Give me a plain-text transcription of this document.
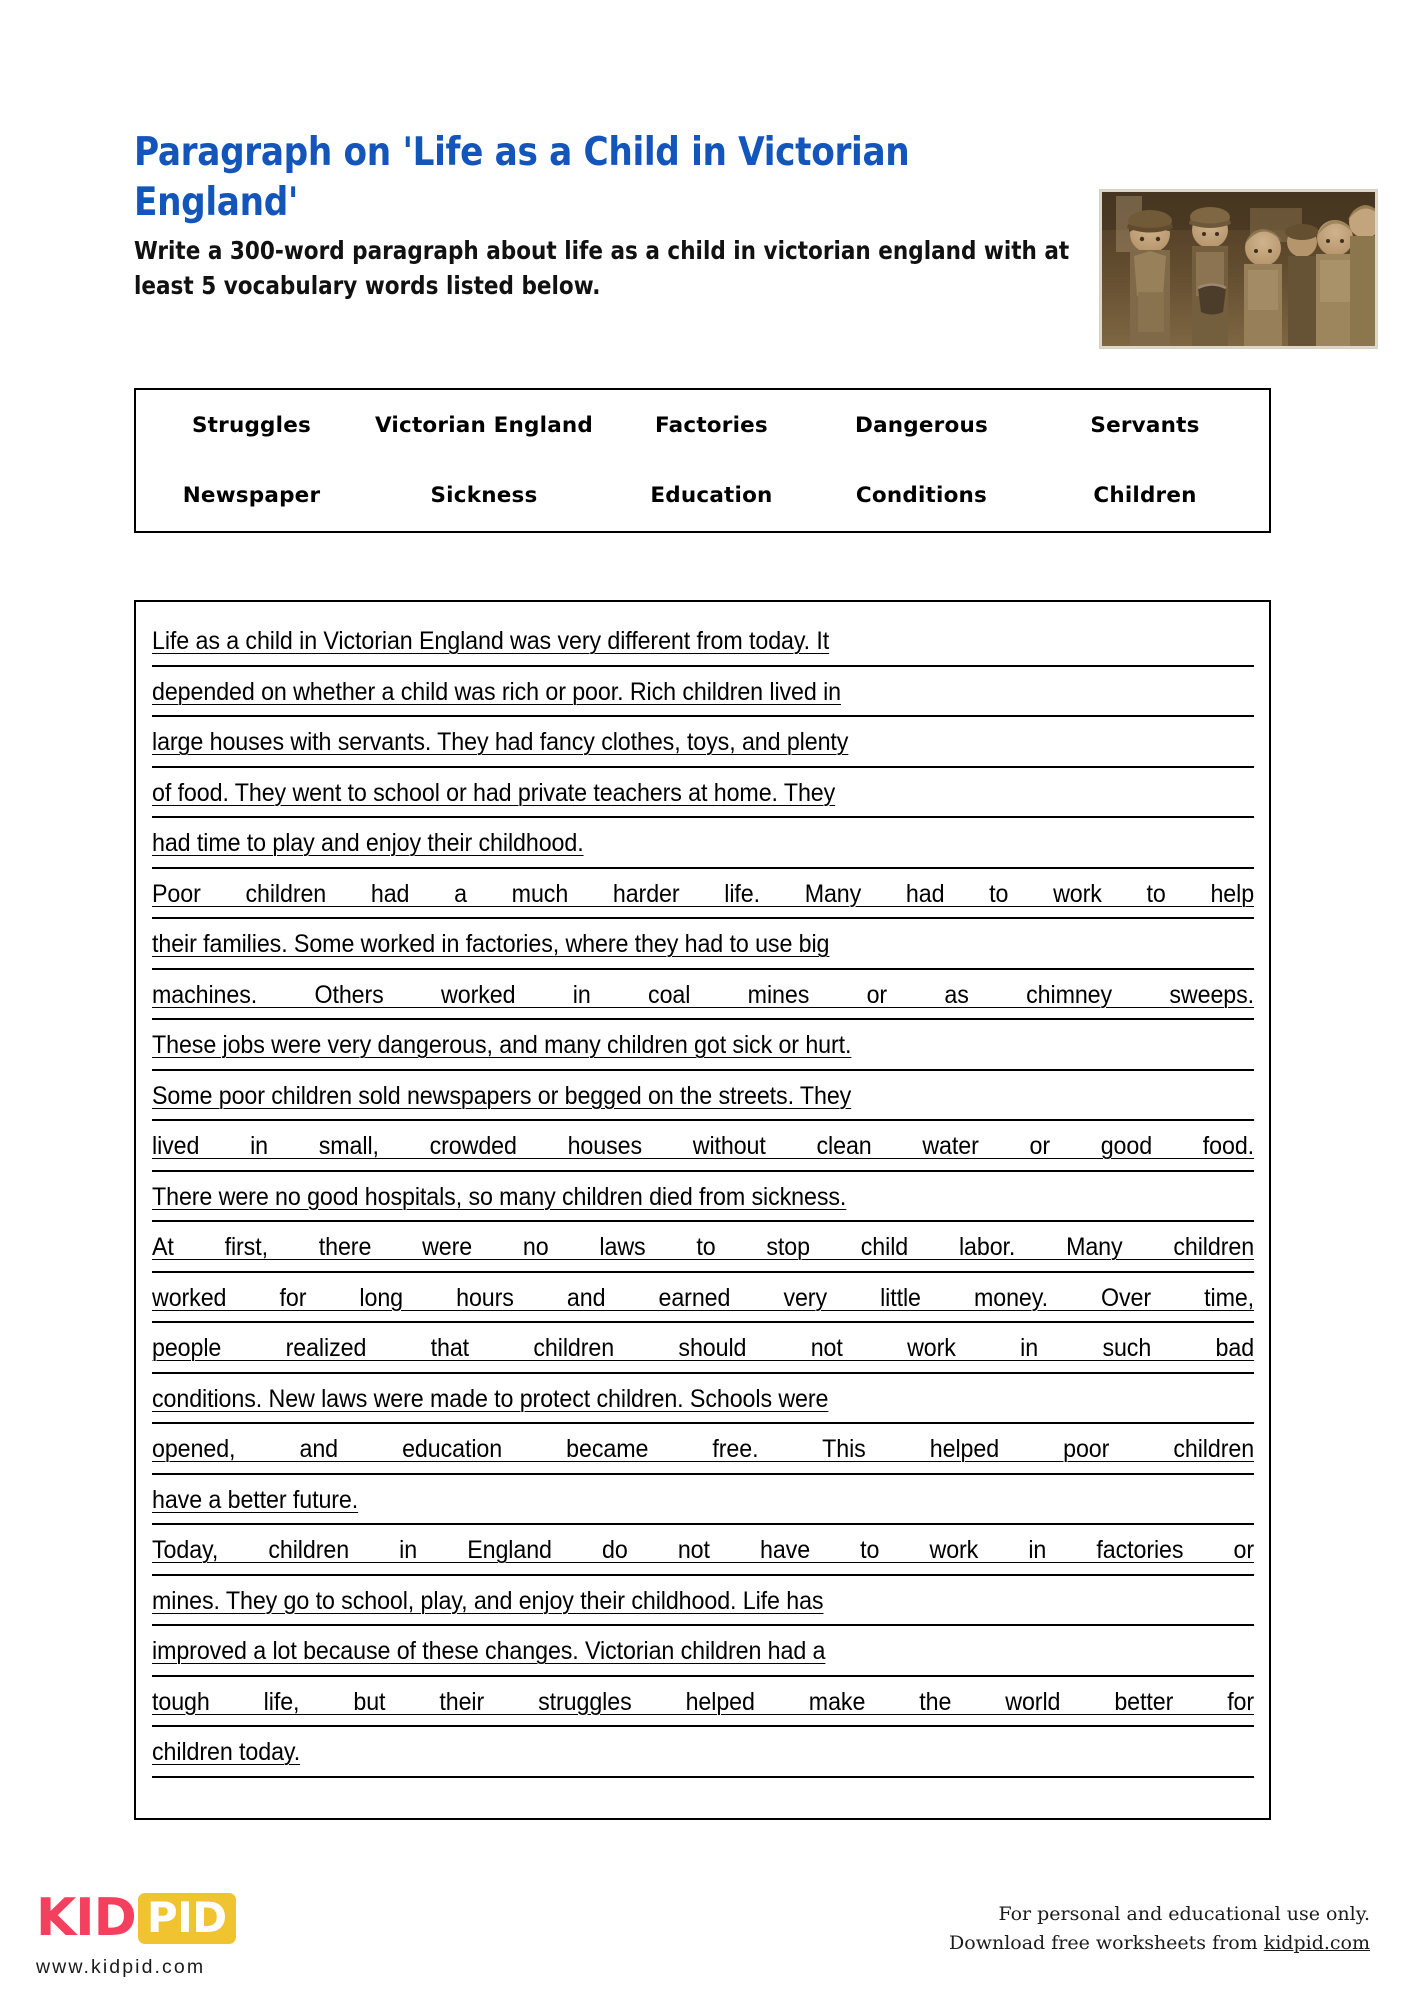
Paragraph on 'Life as a Child in Victorian England'

Write a 300-word paragraph about life as a child in victorian england with at least 5 vocabulary words listed below.

Struggles	Victorian England	Factories	Dangerous	Servants
Newspaper	Sickness	Education	Conditions	Children
Life as a child in Victorian England was very different from today. It
depended on whether a child was rich or poor. Rich children lived in
large houses with servants. They had fancy clothes, toys, and plenty
of food. They went to school or had private teachers at home. They
had time to play and enjoy their childhood.
Poor children had a much harder life. Many had to work to help
their families. Some worked in factories, where they had to use big
machines. Others worked in coal mines or as chimney sweeps.
These jobs were very dangerous, and many children got sick or hurt.
Some poor children sold newspapers or begged on the streets. They
lived in small, crowded houses without clean water or good food.
There were no good hospitals, so many children died from sickness.
At first, there were no laws to stop child labor. Many children
worked for long hours and earned very little money. Over time,
people realized that children should not work in such bad
conditions. New laws were made to protect children. Schools were
opened, and education became free. This helped poor children
have a better future.
Today, children in England do not have to work in factories or
mines. They go to school, play, and enjoy their childhood. Life has
improved a lot because of these changes. Victorian children had a
tough life, but their struggles helped make the world better for
children today.
KID PID
www.kidpid.com
For personal and educational use only.
Download free worksheets from kidpid.com
